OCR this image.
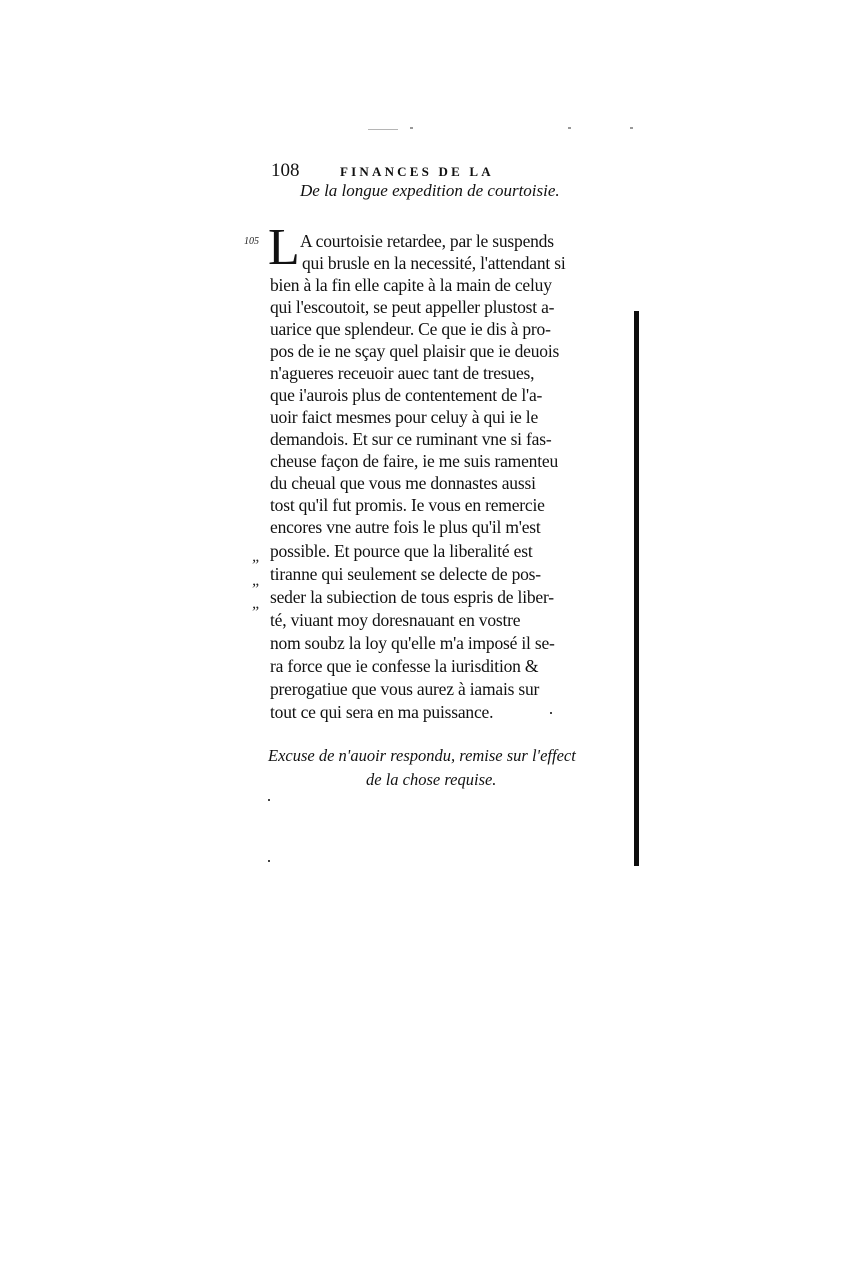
108	FINANCES DE LA
De la longue expedition de courtoisie.
105
„
„
„
L A courtoisie retardee, par le suspends
qui brusle en la necessité, l'attendant si
bien à la fin elle capite à la main de celuy
qui l'escoutoit, se peut appeller plustost a-
uarice que splendeur. Ce que ie dis à pro-
pos de ie ne sçay quel plaisir que ie deuois
n'agueres receuoir auec tant de tresues,
que i'aurois plus de contentement de l'a-
uoir faict mesmes pour celuy à qui ie le
demandois. Et sur ce ruminant vne si fas-
cheuse façon de faire, ie me suis ramenteu
du cheual que vous me donnastes aussi
tost qu'il fut promis. Ie vous en remercie
encores vne autre fois le plus qu'il m'est
possible. Et pource que la liberalité est
tiranne qui seulement se delecte de pos-
seder la subiection de tous espris de liber-
té, viuant moy doresnauant en vostre
nom soubz la loy qu'elle m'a imposé il se-
ra force que ie confesse la iurisdition &
prerogatiue que vous aurez à iamais sur
tout ce qui sera en ma puissance.
Excuse de n'auoir respondu, remise sur l'effect
de la chose requise.
